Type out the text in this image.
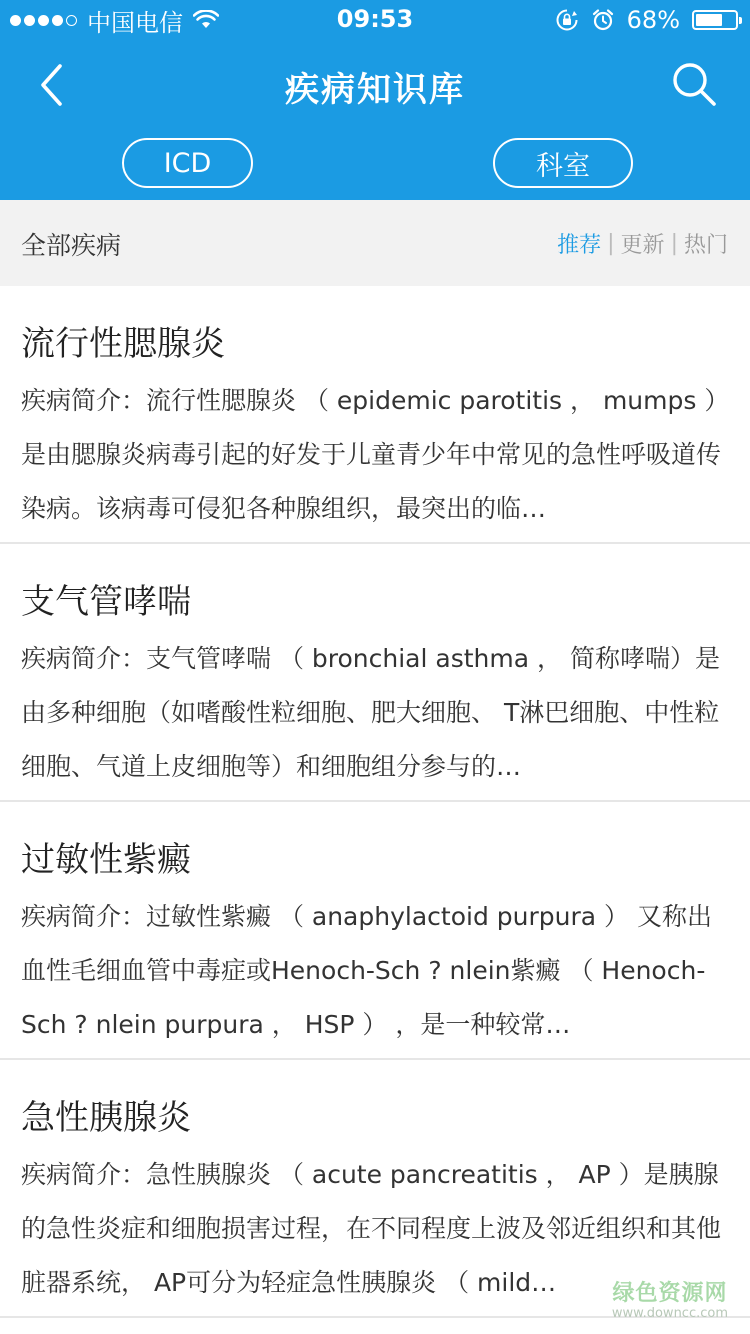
中国电信	09:53	68%
疾病知识库
ICD	科室
全部疾病	推荐 | 更新 | 热门
流行性腮腺炎
疾病简介：流行性腮腺炎 （ epidemic parotitis ， mumps ）是由腮腺炎病毒引起的好发于儿童青少年中常见的急性呼吸道传染病。该病毒可侵犯各种腺组织，最突出的临…
支气管哮喘
疾病简介：支气管哮喘 （ bronchial asthma ， 简称哮喘）是由多种细胞（如嗜酸性粒细胞、肥大细胞、 T淋巴细胞、中性粒细胞、气道上皮细胞等）和细胞组分参与的…
过敏性紫癜
疾病简介：过敏性紫癜 （ anaphylactoid purpura ） 又称出血性毛细血管中毒症或Henoch-Sch ? nlein紫癜 （ Henoch-Sch ? nlein purpura ， HSP ） ，是一种较常…
急性胰腺炎
疾病简介：急性胰腺炎 （ acute pancreatitis ， AP ）是胰腺的急性炎症和细胞损害过程，在不同程度上波及邻近组织和其他脏器系统， AP可分为轻症急性胰腺炎 （ mild…	绿色资源网
www.downcc.com
